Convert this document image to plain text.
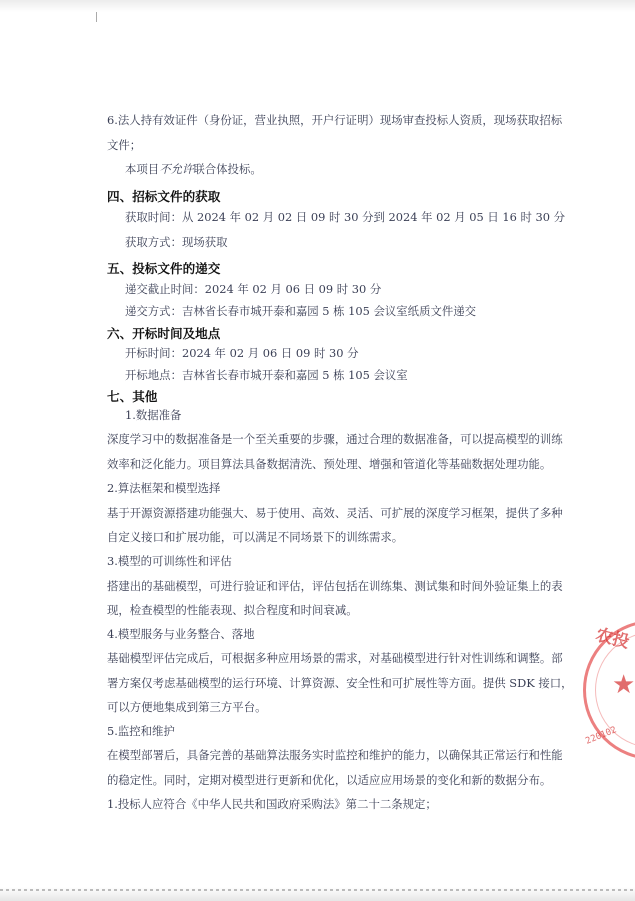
6.法人持有效证件（身份证，营业执照，开户行证明）现场审查投标人资质，现场获取招标
文件；
本项目不允许联合体投标。
四、招标文件的获取
获取时间：从 2024 年 02 月 02 日 09 时 30 分到 2024 年 02 月 05 日 16 时 30 分
获取方式：现场获取
五、投标文件的递交
递交截止时间：2024 年 02 月 06 日 09 时 30 分
递交方式：吉林省长春市城开泰和嘉园 5 栋 105 会议室纸质文件递交
六、开标时间及地点
开标时间：2024 年 02 月 06 日 09 时 30 分
开标地点：吉林省长春市城开泰和嘉园 5 栋 105 会议室
七、其他
1.数据准备
深度学习中的数据准备是一个至关重要的步骤，通过合理的数据准备，可以提高模型的训练
效率和泛化能力。项目算法具备数据清洗、预处理、增强和管道化等基础数据处理功能。
2.算法框架和模型选择
基于开源资源搭建功能强大、易于使用、高效、灵活、可扩展的深度学习框架，提供了多种
自定义接口和扩展功能，可以满足不同场景下的训练需求。
3.模型的可训练性和评估
搭建出的基础模型，可进行验证和评估，评估包括在训练集、测试集和时间外验证集上的表
现，检查模型的性能表现、拟合程度和时间衰减。
4.模型服务与业务整合、落地
基础模型评估完成后，可根据多种应用场景的需求，对基础模型进行针对性训练和调整。部
署方案仅考虑基础模型的运行环境、计算资源、安全性和可扩展性等方面。提供 SDK 接口，
可以方便地集成到第三方平台。
5.监控和维护
在模型部署后，具备完善的基础算法服务实时监控和维护的能力，以确保其正常运行和性能
的稳定性。同时，定期对模型进行更新和优化，以适应应用场景的变化和新的数据分布。
1.投标人应符合《中华人民共和国政府采购法》第二十二条规定；
农投
★
220102
